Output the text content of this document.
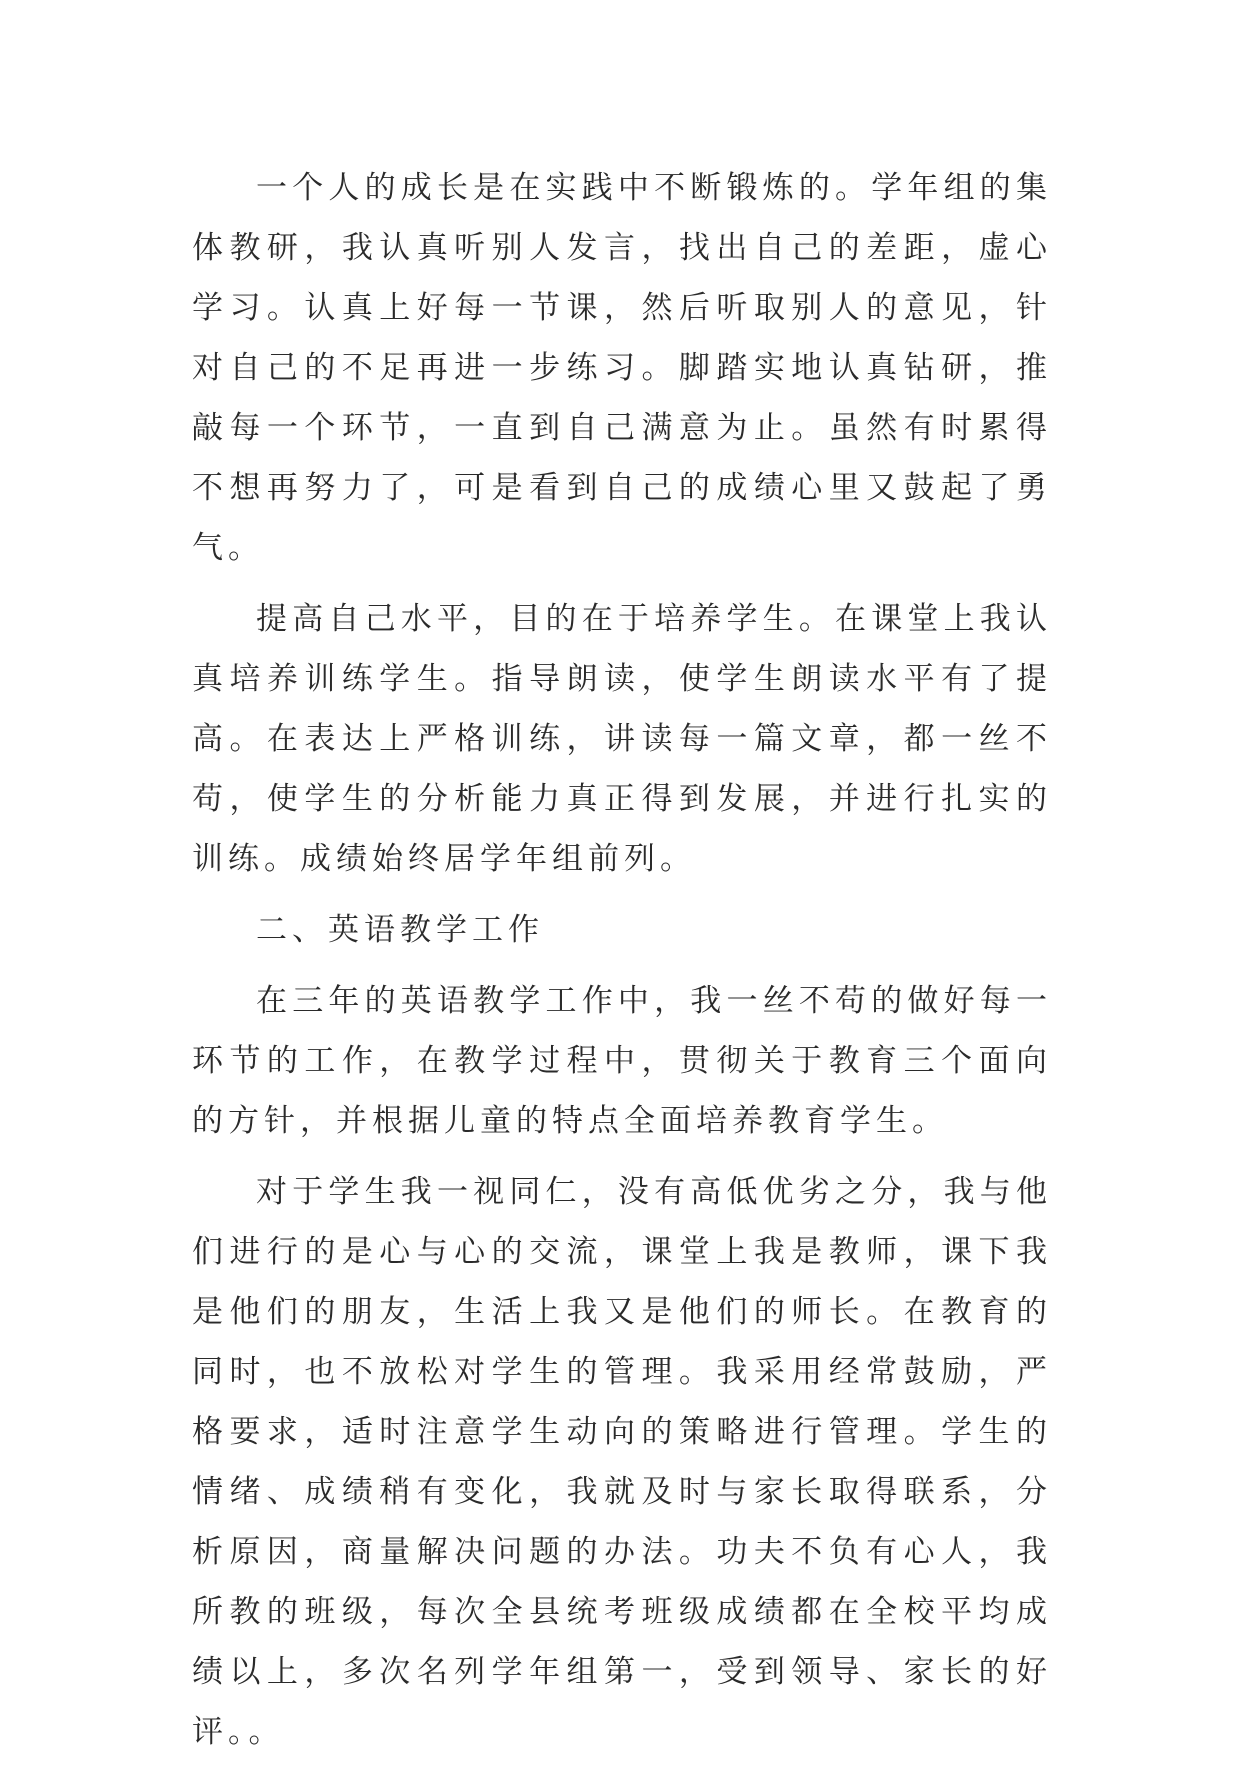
一个人的成长是在实践中不断锻炼的。学年组的集体教研，我认真听别人发言，找出自己的差距，虚心学习。认真上好每一节课，然后听取别人的意见，针对自己的不足再进一步练习。脚踏实地认真钻研，推敲每一个环节，一直到自己满意为止。虽然有时累得不想再努力了，可是看到自己的成绩心里又鼓起了勇气。

提高自己水平，目的在于培养学生。在课堂上我认真培养训练学生。指导朗读，使学生朗读水平有了提高。在表达上严格训练，讲读每一篇文章，都一丝不苟，使学生的分析能力真正得到发展，并进行扎实的训练。成绩始终居学年组前列。

二、英语教学工作

在三年的英语教学工作中，我一丝不苟的做好每一环节的工作，在教学过程中，贯彻关于教育三个面向的方针，并根据儿童的特点全面培养教育学生。

对于学生我一视同仁，没有高低优劣之分，我与他们进行的是心与心的交流，课堂上我是教师，课下我是他们的朋友，生活上我又是他们的师长。在教育的同时，也不放松对学生的管理。我采用经常鼓励，严格要求，适时注意学生动向的策略进行管理。学生的情绪、成绩稍有变化，我就及时与家长取得联系，分析原因，商量解决问题的办法。功夫不负有心人，我所教的班级，每次全县统考班级成绩都在全校平均成绩以上，多次名列学年组第一，受到领导、家长的好评。。
